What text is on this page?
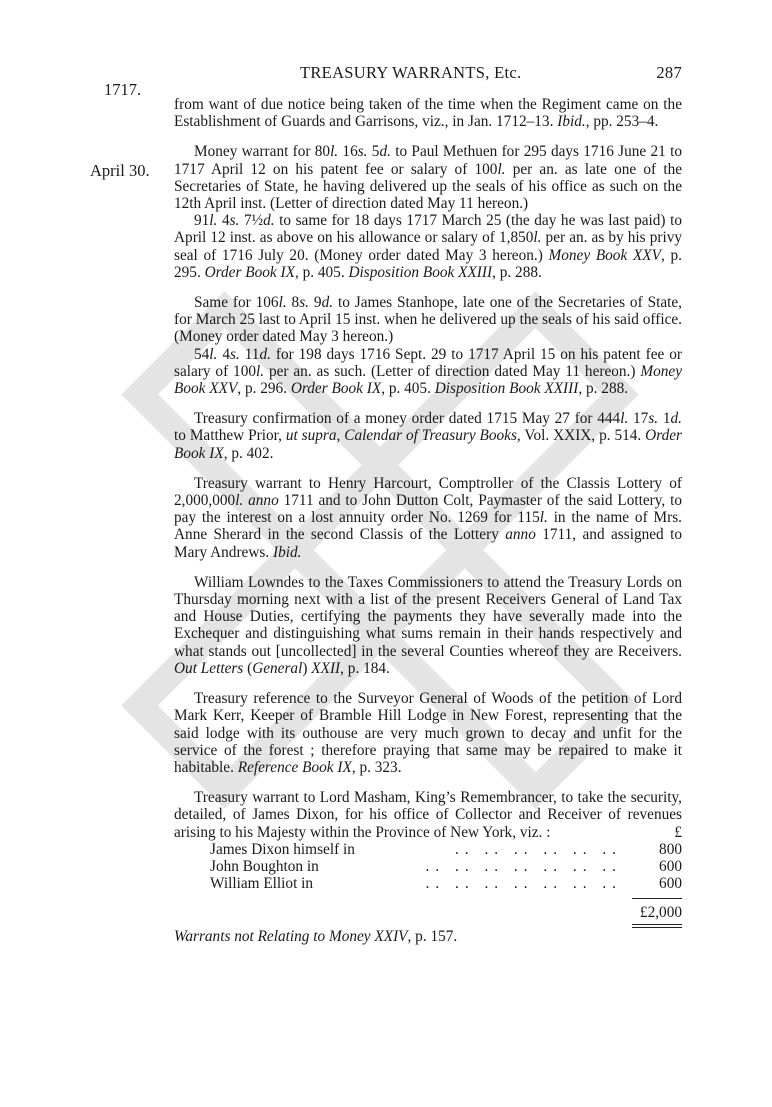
TREASURY WARRANTS, Etc.	287
1717.
April 30.

from want of due notice being taken of the time when the Regiment came on the Establishment of Guards and Garrisons, viz., in Jan. 1712–13. Ibid., pp. 253–4.

Money warrant for 80l. 16s. 5d. to Paul Methuen for 295 days 1716 June 21 to 1717 April 12 on his patent fee or salary of 100l. per an. as late one of the Secretaries of State, he having delivered up the seals of his office as such on the 12th April inst. (Letter of direction dated May 11 hereon.)

91l. 4s. 7½d. to same for 18 days 1717 March 25 (the day he was last paid) to April 12 inst. as above on his allowance or salary of 1,850l. per an. as by his privy seal of 1716 July 20. (Money order dated May 3 hereon.) Money Book XXV, p. 295. Order Book IX, p. 405. Disposition Book XXIII, p. 288.

Same for 106l. 8s. 9d. to James Stanhope, late one of the Secretaries of State, for March 25 last to April 15 inst. when he delivered up the seals of his said office. (Money order dated May 3 hereon.)

54l. 4s. 11d. for 198 days 1716 Sept. 29 to 1717 April 15 on his patent fee or salary of 100l. per an. as such. (Letter of direction dated May 11 hereon.) Money Book XXV, p. 296. Order Book IX, p. 405. Disposition Book XXIII, p. 288.

Treasury confirmation of a money order dated 1715 May 27 for 444l. 17s. 1d. to Matthew Prior, ut supra, Calendar of Treasury Books, Vol. XXIX, p. 514. Order Book IX, p. 402.

Treasury warrant to Henry Harcourt, Comptroller of the Classis Lottery of 2,000,000l. anno 1711 and to John Dutton Colt, Paymaster of the said Lottery, to pay the interest on a lost annuity order No. 1269 for 115l. in the name of Mrs. Anne Sherard in the second Classis of the Lottery anno 1711, and assigned to Mary Andrews. Ibid.

William Lowndes to the Taxes Commissioners to attend the Treasury Lords on Thursday morning next with a list of the present Receivers General of Land Tax and House Duties, certifying the payments they have severally made into the Exchequer and distinguishing what sums remain in their hands respectively and what stands out [uncollected] in the several Counties whereof they are Receivers. Out Letters (General) XXII, p. 184.

Treasury reference to the Surveyor General of Woods of the petition of Lord Mark Kerr, Keeper of Bramble Hill Lodge in New Forest, representing that the said lodge with its outhouse are very much grown to decay and unfit for the service of the forest ; therefore praying that same may be repaired to make it habitable. Reference Book IX, p. 323.

Treasury warrant to Lord Masham, King’s Remembrancer, to take the security, detailed, of James Dixon, for his office of Collector and Receiver of revenues arising to his Majesty within the Province of New York, viz. :	£
.. .. .. .. .. ..
James Dixon himself in	800
.. .. .. .. .. .. ..
John Boughton in	600
.. .. .. .. .. .. ..
William Elliot in	600
£2,000

Warrants not Relating to Money XXIV, p. 157.
